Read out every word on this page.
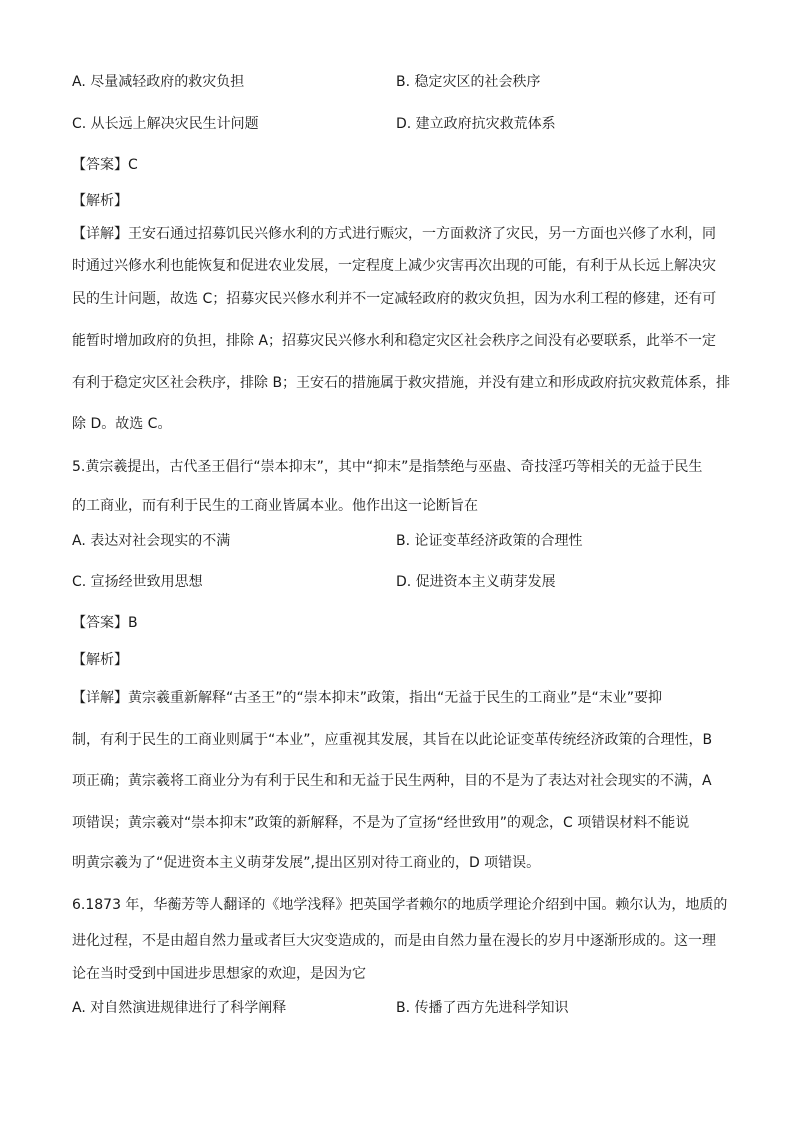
A. 尽量减轻政府的救灾负担	B. 稳定灾区的社会秩序
C. 从长远上解决灾民生计问题	D. 建立政府抗灾救荒体系
【答案】C
【解析】
【详解】王安石通过招募饥民兴修水利的方式进行赈灾，一方面救济了灾民，另一方面也兴修了水利，同
时通过兴修水利也能恢复和促进农业发展，一定程度上减少灾害再次出现的可能，有利于从长远上解决灾
民的生计问题，故选 C；招募灾民兴修水利并不一定减轻政府的救灾负担，因为水利工程的修建，还有可
能暂时增加政府的负担，排除 A；招募灾民兴修水利和稳定灾区社会秩序之间没有必要联系，此举不一定
有利于稳定灾区社会秩序，排除 B；王安石的措施属于救灾措施，并没有建立和形成政府抗灾救荒体系，排
除 D。故选 C。
5.黄宗羲提出，古代圣王倡行“崇本抑末”，其中“抑末”是指禁绝与巫蛊、奇技淫巧等相关的无益于民生
的工商业，而有利于民生的工商业皆属本业。他作出这一论断旨在
A. 表达对社会现实的不满	B. 论证变革经济政策的合理性
C. 宣扬经世致用思想	D. 促进资本主义萌芽发展
【答案】B
【解析】
【详解】黄宗羲重新解释“古圣王”的“崇本抑末”政策，指出“无益于民生的工商业”是“末业”要抑
制，有利于民生的工商业则属于“本业”，应重视其发展，其旨在以此论证变革传统经济政策的合理性，B
项正确；黄宗羲将工商业分为有利于民生和和无益于民生两种，目的不是为了表达对社会现实的不满，A
项错误；黄宗羲对“崇本抑末”政策的新解释，不是为了宣扬“经世致用”的观念，C 项错误材料不能说
明黄宗羲为了“促进资本主义萌芽发展”,提出区别对待工商业的，D 项错误。
6.1873 年，华蘅芳等人翻译的《地学浅释》把英国学者赖尔的地质学理论介绍到中国。赖尔认为，地质的
进化过程，不是由超自然力量或者巨大灾变造成的，而是由自然力量在漫长的岁月中逐渐形成的。这一理
论在当时受到中国进步思想家的欢迎，是因为它
A. 对自然演进规律进行了科学阐释	B. 传播了西方先进科学知识
